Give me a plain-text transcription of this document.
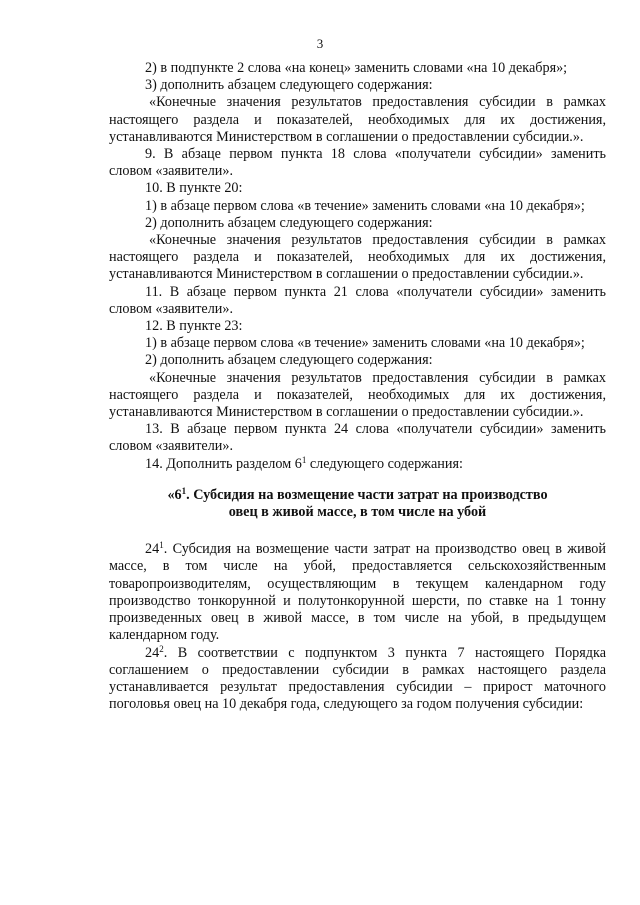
3

2) в подпункте 2 слова «на конец» заменить словами «на 10 декабря»;

3) дополнить абзацем следующего содержания:

«Конечные значения результатов предоставления субсидии в рамках настоящего раздела и показателей, необходимых для их достижения, устанавливаются Министерством в соглашении о предоставлении субсидии.».

9. В абзаце первом пункта 18 слова «получатели субсидии» заменить словом «заявители».

10. В пункте 20:

1) в абзаце первом слова «в течение» заменить словами «на 10 декабря»;

2) дополнить абзацем следующего содержания:

«Конечные значения результатов предоставления субсидии в рамках настоящего раздела и показателей, необходимых для их достижения, устанавливаются Министерством в соглашении о предоставлении субсидии.».

11. В абзаце первом пункта 21 слова «получатели субсидии» заменить словом «заявители».

12. В пункте 23:

1) в абзаце первом слова «в течение» заменить словами «на 10 декабря»;

2) дополнить абзацем следующего содержания:

«Конечные значения результатов предоставления субсидии в рамках настоящего раздела и показателей, необходимых для их достижения, устанавливаются Министерством в соглашении о предоставлении субсидии.».

13. В абзаце первом пункта 24 слова «получатели субсидии» заменить словом «заявители».

14. Дополнить разделом $6^1$ следующего содержания:

«$6^1$. Субсидия на возмещение части затрат на производство
овец в живой массе, в том числе на убой

$24^1$. Субсидия на возмещение части затрат на производство овец в живой массе, в том числе на убой, предоставляется сельскохозяйственным товаропроизводителям, осуществляющим в текущем календарном году производство тонкорунной и полутонкорунной шерсти, по ставке на 1 тонну произведенных овец в живой массе, в том числе на убой, в предыдущем календарном году.

$24^2$. В соответствии с подпунктом 3 пункта 7 настоящего Порядка соглашением о предоставлении субсидии в рамках настоящего раздела устанавливается результат предоставления субсидии – прирост маточного поголовья овец на 10 декабря года, следующего за годом получения субсидии:
